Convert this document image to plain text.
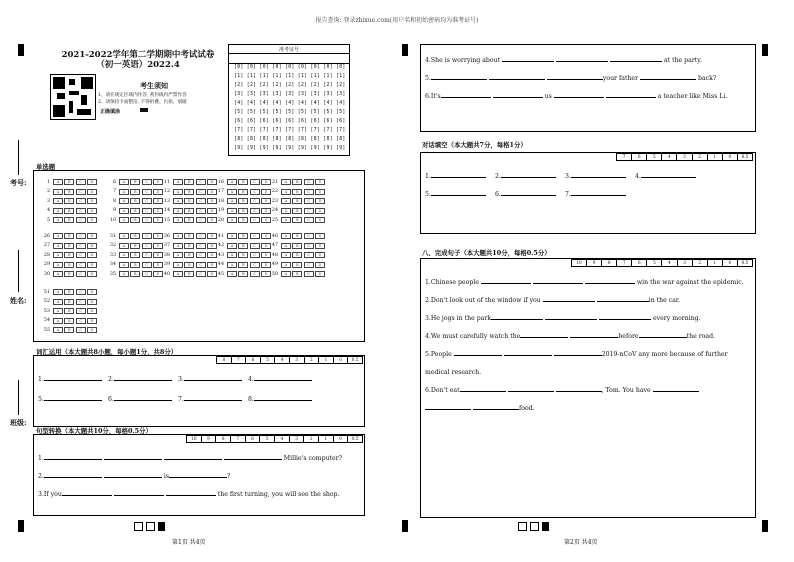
报告查询: 登录zhixue.com(用户名和初始密码均为准考证号)
2021-2022学年第二学期期中考试试卷
（初一英语）2022.4
考生须知
1、请在规定区域内作答, 密封线内严禁作答
2、请保持卡面整洁, 不得折叠、污损、划破
正确填涂
准考证号
[0] [0] [0] [0] [0] [0] [0] [0] [0]
[1] [1] [1] [1] [1] [1] [1] [1] [1]
[2] [2] [2] [2] [2] [2] [2] [2] [2]
[3] [3] [3] [3] [3] [3] [3] [3] [3]
[4] [4] [4] [4] [4] [4] [4] [4] [4]
[5] [5] [5] [5] [5] [5] [5] [5] [5]
[6] [6] [6] [6] [6] [6] [6] [6] [6]
[7] [7] [7] [7] [7] [7] [7] [7] [7]
[8] [8] [8] [8] [8] [8] [8] [8] [8]
[9] [9] [9] [9] [9] [9] [9] [9] [9]
考号:
姓名:
班级:
单选题
1	A	B	C	D
2	A	B	C	D
3	A	B	C	D
4	A	B	C	D
5	A	B	C	D
6	A	B	C	D
7	A	B	C	D
8	A	B	C	D
9	A	B	C	D
10	A	B	C	D
11	A	B	C	D
12	A	B	C	D
13	A	B	C	D
14	A	B	C	D
15	A	B	C	D
16	A	B	C	D
17	A	B	C	D
18	A	B	C	D
19	A	B	C	D
20	A	B	C	D
21	A	B	C	D
22	A	B	C	D
23	A	B	C	D
24	A	B	C	D
25	A	B	C	D
26	A	B	C	D
27	A	B	C	D
28	A	B	C	D
29	A	B	C	D
30	A	B	C	D
31	A	B	C	D
32	A	B	C	D
33	A	B	C	D
34	A	B	C	D
35	A	B	C	D
36	A	B	C	D
37	A	B	C	D
38	A	B	C	D
39	A	B	C	D
40	A	B	C	D
41	A	B	C	D
42	A	B	C	D
43	A	B	C	D
44	A	B	C	D
45	A	B	C	D
46	A	B	C	D
47	A	B	C	D
48	A	B	C	D
49	A	B	C	D
50	A	B	C	D
51	A	B	C	D
52	A	B	C	D
53	A	B	C	D
54	A	B	C	D
55	A	B	C	D
词汇运用（本大题共8小题，每小题1分，共8分）
8	7	6	5	4	3	2	1	0	0.5
1.	2.	3.	4.
5.	6.	7.	8.
句型转换（本大题共10分，每格0.5分）
10	9	8	7	6	5	4	3	2	1	0	0.5
1.	Millie's computer?
2.	is	?
3.If you	the first turning, you will see the shop.
第1页 共4页
4.She is worrying about	at the party.
5.	your father	back?
6.It's	us	a teacher like Miss Li.
对话填空（本大题共7分，每格1分）
7	6	5	4	3	2	1	0	0.5
1.	2.	3.	4.
5.	6.	7.
八、完成句子（本大题共10分，每格0.5分）
10	9	8	7	6	5	4	3	2	1	0	0.5
1.Chinese people	win the war against the epidemic.
2.Don't look out of the window if you	in the car.
3.He jogs in the park	every morning.
4.We must carefully watch the	before	the road.
5.People	2019-nCoV any more because of further
medical research.
6.Don't eat	, Tom. You have
food.
第2页 共4页
